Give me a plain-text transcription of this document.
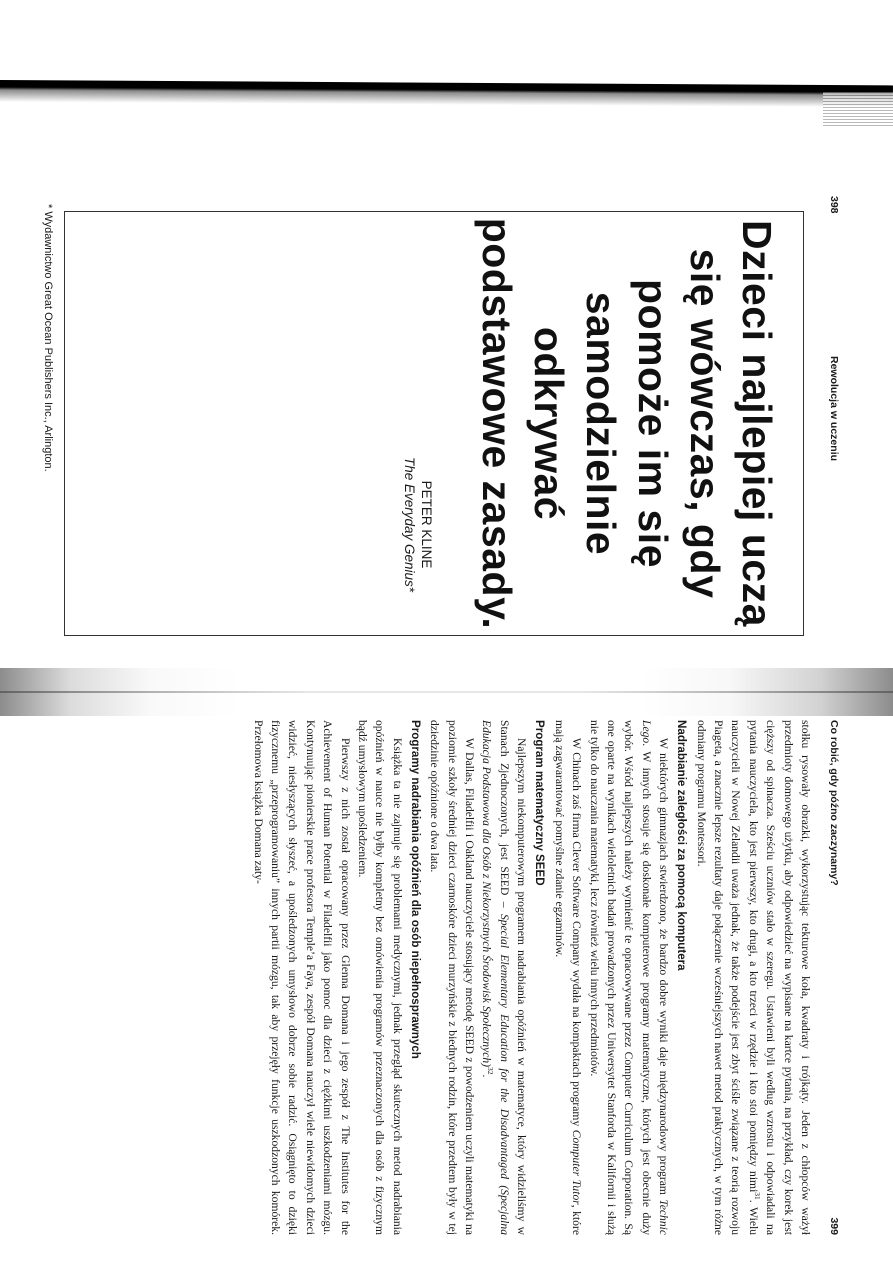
398
Rewolucja w uczeniu

Dzieci najlepiej uczą się wówczas, gdy pomoże im się samodzielnie odkrywać podstawowe zasady.

PETER KLINE
The Everyday Genius*
* Wydawnictwo Great Ocean Publishers Inc., Arlington.
Co robić, gdy późno zaczynamy?
399

stołku rysowały obrazki, wykorzystując tekturowe koła, kwadraty i trójkąty. Jeden z chłopców ważył przedmioty domowego użytku, aby odpowiedzieć na wypisane na kartce pytania, na przykład, czy korek jest cięższy od spinacza. Sześciu uczniów stało w szeregu. Ustawieni byli według wzrostu i odpowiadali na pytania nauczyciela, kto jest pierwszy, kto drugi, a kto trzeci w rzędzie i kto stoi pomiędzy nimi$^{31}$. Wielu nauczycieli w Nowej Zelandii uważa jednak, że także podejście jest zbyt ściśle związane z teorią rozwoju Piageta, a znacznie lepsze rezultaty daje połączenie wcześniejszych nawet metod praktycznych, w tym różne odmiany programu Montessori.

Nadrabianie zaległości za pomocą komputera

W niektórych gimnazjach stwierdzono, że bardzo dobre wyniki daje międzynarodowy program Technic Lego. W innych stosuje się doskonałe komputerowe programy matematyczne, których jest obecnie duży wybór. Wśród najlepszych należy wymienić te opracowywane przez Computer Curriculum Corporation. Są one oparte na wynikach wieloletnich badań prowadzonych przez Uniwersytet Stanforda w Kalifornii i służą nie tylko do nauczania matematyki, lecz również wielu innych przedmiotów.

W Chinach zaś firma Clever Software Company wydała na kompaktach programy Computer Tutor, które mają zagwarantować pomyślne zdanie egzaminów.

Program matematyczny SEED

Najlepszym niekomputerowym programem nadrabiania opóźnień w matematyce, który widzieliśmy w Stanach Zjednoczonych, jest SEED – Special Elementary Education for the Disadvantaged (Specjalna Edukacja Podstawowa dla Osób z Niekorzystnych Środowisk Społecznych)$^{32}$.

W Dallas, Filadelfii i Oakland nauczyciele stosujący metodę SEED z powodzeniem uczyli matematyki na poziomie szkoły średniej dzieci czarnoskóre dzieci murzyńskie z biednych rodzin, które przedtem były w tej dziedzinie opóźnione o dwa lata.

Programy nadrabiania opóźnień dla osób niepełnosprawnych

Książka ta nie zajmuje się problemami medycznymi, jednak przegląd skutecznych metod nadrabiania opóźnień w nauce nie byłby kompletny bez omówienia programów przeznaczonych dla osób z fizycznym bądź umysłowym upośledzeniem.

Pierwszy z nich został opracowany przez Glenna Domana i jego zespół z The Institutes for the Achievement of Human Potential w Filadelfii jako pomoc dla dzieci z ciężkimi uszkodzeniami mózgu. Kontynuując pionierskie prace profesora Temple’a Faya, zespół Domana nauczył wiele niewidomych dzieci widzieć, niesłyszących słyszeć, a upośledzonych umysłowo dobrze sobie radzić. Osiągnięto to dzięki fizycznemu „przeprogramowaniu” innych partii mózgu, tak aby przejęły funkcje uszkodzonych komórek. Przełomowa książka Domana zaty-
